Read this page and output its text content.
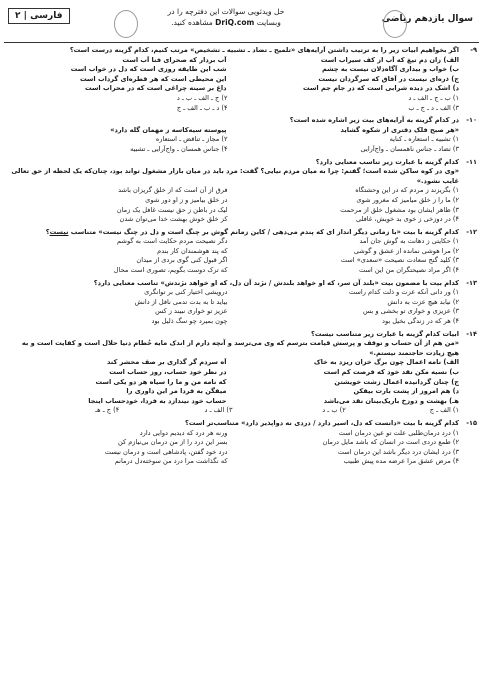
سوال یازدهم ریاضی
حل ویدئویی سوالات این دفترچه را در
وبسایت DriQ.com مشاهده کنید.
فارسی | ۲
-۹
اگر بخواهیم ابیات زیر را به ترتیب داشتن آرایه‌های «تلمیح ـ تضاد ـ تشبیه ـ تشخیص» مرتب کنیم، کدام گزینه درست است؟
الف) زان دم تیغ که آب از کف سیراب است
آب بردار که صحرای فنا آب است
ب) خواب و بیداری آگاه‌دلان نیست به چشم
شب این طایفه روزی است که دل در خواب است
ج) ذره‌ای نیست در آفاق که سرگردان نیست
این محیطی است که هر قطره‌ای گرداب است
د) اشک در دیده شرابی است که در جام جم است
داغ بر سینه چراغی است که در محراب است
۱) ب ـ ج ـ الف ـ د
۲) ج ـ الف ـ ب ـ د
۳) الف ـ د ـ ج ـ ب
۴) د ـ ب ـ الف ـ ج
-۱۰
در کدام گزینه به آرایه‌های بیت زیر اشاره شده است؟
«هر صبح فلک دفتری از شکوه گشاید
پیوسته سیه‌کاسه ز مهمان گله دارد»
۱) تشبیه ـ استعاره ـ کنایه
۲) مجاز ـ تناقض ـ استعاره
۳) تضاد ـ جناس ناهمسان ـ واج‌آرایی
۴) جناس همسان ـ واج‌آرایی ـ تشبیه
-۱۱
کدام گزینه با عبارت زیر تناسب معنایی دارد؟
«وی در کوه ساکن شده است؛ گفتم: چرا به میان مردم نیایی؟ گفت: مرد باید در میان بازار مشغول تواند بود، چنان‌که یک لحظه از حق تعالی غایب نشود.»
۱) بگریزند ز مردم که در این وحشتگاه
فرق از آن است که از خلق گریزان باشد
۲) ما را ز خلق میامیز که مغرور شوی
در خلق بیامیز و ز او دور شوی
۳) ظاهر ایشان بود مشغول خلق از مرحمت
لیک در باطن ز حق نیست غافل یک زمان
۴) در دوزخی ز خوی بد خویش، غافلی
کز خلق خوش بهشت خدا می‌توان شدن
-۱۲
کدام گزینه با بیت «با زمانی دیگر انداز ای که پندم می‌دهی / کاین زمانم گوش بر چنگ است و دل در چنگ نیست» متناسب نیست؟
۱) حکایتی ز دهانت به گوش جان آمد
دگر نصیحت مردم حکایت است به گوشم
۲) مرا هوشی نمانده از عشق و گوشی
که پند هوشمندان کار بندم
۳) کلید گنج سعادت نصیحت «سعدی» است
اگر قبول کنی گوی بردی از میدان
۴) اگر مراد نصیحتگران من این است
که ترک دوست بگویم، تصوری است محال
-۱۳
کدام بیت با مضمون بیت «بلند آن سر، که او خواهد بلندش / نژند آن دل، که او خواهد نژندش» تناسب معنایی دارد؟
۱) ور دانی آنکه عزت و ذلت کدام راست
درویشی اختیار کنی بر توانگری
۲) نیابد هیچ عزت به دانش
بیاید تا به بدت ندمی نافل از دانش
۳) عزیزی و خواری تو بخشی و بس
عزیز تو خواری نبیند ز کس
۴) هر که در زندگی بخیل بود
چون بمیرد چو سگ ذلیل بود
-۱۴
ابیات کدام گزینه با عبارت زیر متناسب نیست؟
«من هم از آن حساب و توقف و پرسش قیامت بترسم که وی می‌ترسد و آنچه دارم از اندک مایه حُطام دنیا حلال است و کفایت است و به
هیچ زیادت حاجتمند نیستم.»
الف) نامه اعمال چون برگ خزان ریزد به خاک
آه سردم گر گذاری بر صف محشر کند
ب) نسیه مکن نقد خود که فرصت کم است
در نظر خود حساب، روز حساب است
ج) چنان گردانیده اعمال زشت خویشتن
که نامه من و ما را سیاه هر دو یکی است
د) هم امروز از پشت بارت بیفکن
میفگن به فردا مر این داوری را
هـ) بهشت و دوزخ باریک‌بینان نقد می‌باشد
حساب خود نیندازد به فردا، خودحساب اینجا
۱) الف ـ ج
۲) ب ـ د
۳) الف ـ د
۴) ج ـ هـ
-۱۵
کدام گزینه با بیت «دانست که دل، اسیر دارد / دردی نه دواپذیر دارد» متناسب‌تر است؟
۱) درد درمان‌طلبی علت تو عین درمان است
ورنه هر درد که دیدیم دوایی دارد
۲) طمع دردی است در انسان که باشد مایل درمان
بسر این درد را از من درمان بی‌نیازم کن
۳) درد ایشان درد دیگر باشد این درمان است
درد خود گفتن، پادشاهی است و درمان نیست
۴) مرض عشق مرا عرضه مده پیش طبیب
که نگذاشت مرا درد من سوخته‌دل درمانم
